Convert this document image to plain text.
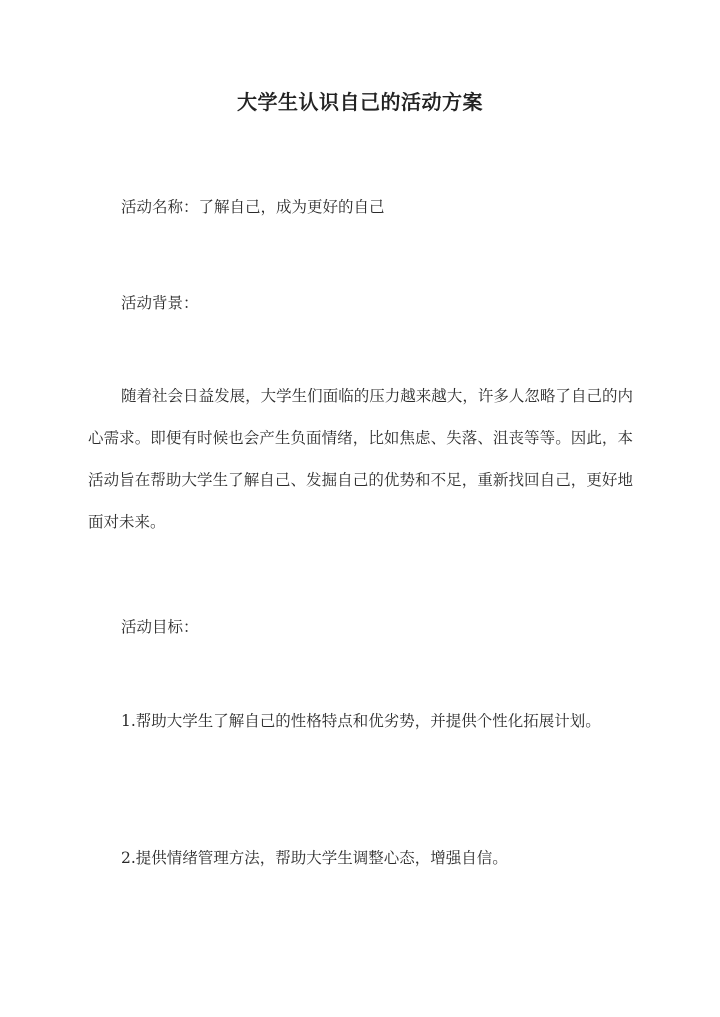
大学生认识自己的活动方案
活动名称：了解自己，成为更好的自己
活动背景：
随着社会日益发展，大学生们面临的压力越来越大，许多人忽略了自己的内心需求。即便有时候也会产生负面情绪，比如焦虑、失落、沮丧等等。因此，本活动旨在帮助大学生了解自己、发掘自己的优势和不足，重新找回自己，更好地面对未来。
活动目标：
1.帮助大学生了解自己的性格特点和优劣势，并提供个性化拓展计划。
2.提供情绪管理方法，帮助大学生调整心态，增强自信。
